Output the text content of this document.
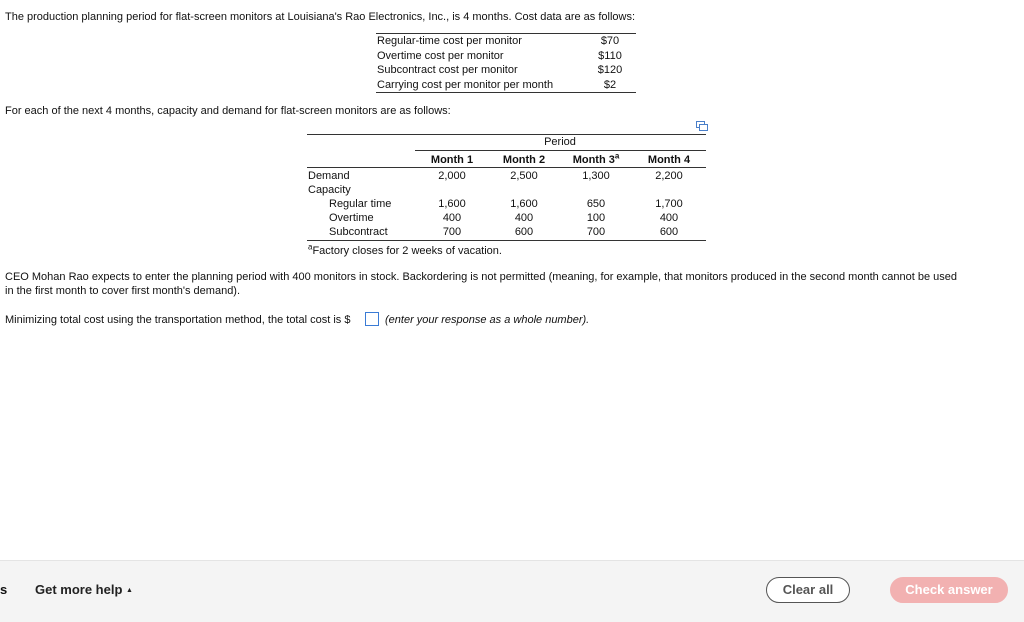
The production planning period for flat-screen monitors at Louisiana's Rao Electronics, Inc., is 4 months. Cost data are as follows:
Regular-time cost per monitor	$70
Overtime cost per monitor	$110
Subcontract cost per monitor	$120
Carrying cost per monitor per month	$2
For each of the next 4 months, capacity and demand for flat-screen monitors are as follows:
Period
Month 1	Month 2	Month 3$^a$	Month 4
Demand	2,000	2,500	1,300	2,200
Capacity
Regular time	1,600	1,600	650	1,700
Overtime	400	400	100	400
Subcontract	700	600	700	600
$^a$Factory closes for 2 weeks of vacation.
CEO Mohan Rao expects to enter the planning period with 400 monitors in stock. Backordering is not permitted (meaning, for example, that monitors produced in the second month cannot be used
in the first month to cover first month's demand).
Minimizing total cost using the transportation method, the total cost is $	(enter your response as a whole number).
s Get more help ▲	Clear all	Check answer
